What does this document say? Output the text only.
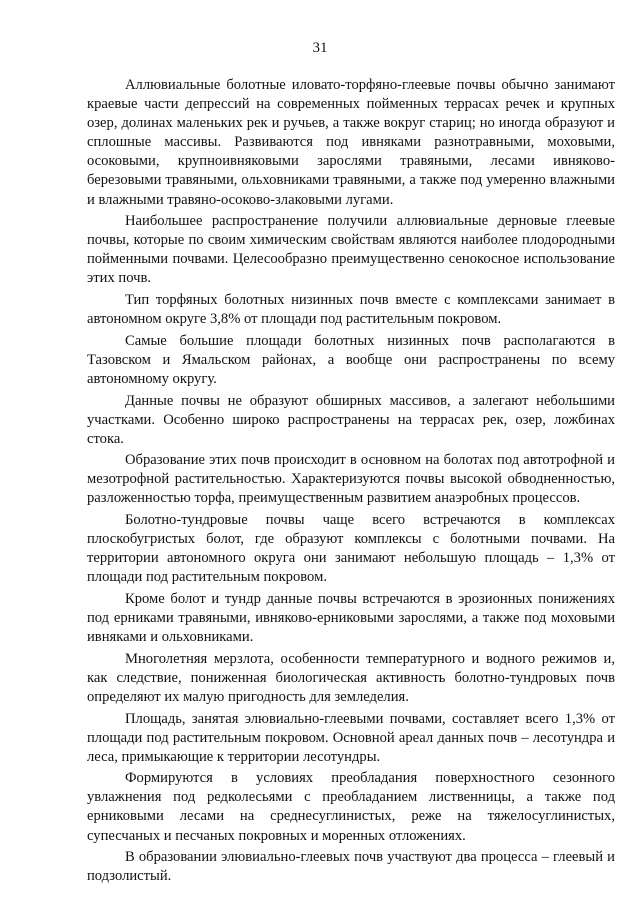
31

Аллювиальные болотные иловато-торфяно-глеевые почвы обычно занимают краевые части депрессий на современных пойменных террасах речек и крупных озер, долинах маленьких рек и ручьев, а также вокруг стариц; но иногда образуют и сплошные массивы. Развиваются под ивняками разнотравными, моховыми, осоковыми, крупноивняковыми зарослями травяными, лесами ивняково-березовыми травяными, ольховниками травяными, а также под умеренно влажными и влажными травяно-осоково-злаковыми лугами.

Наибольшее распространение получили аллювиальные дерновые глеевые почвы, которые по своим химическим свойствам являются наиболее плодородными пойменными почвами. Целесообразно преимущественно сенокосное использование этих почв.

Тип торфяных болотных низинных почв вместе с комплексами занимает в автономном округе 3,8% от площади под растительным покровом.

Самые большие площади болотных низинных почв располагаются в Тазовском и Ямальском районах, а вообще они распространены по всему автономному округу.

Данные почвы не образуют обширных массивов, а залегают небольшими участками. Особенно широко распространены на террасах рек, озер, ложбинах стока.

Образование этих почв происходит в основном на болотах под автотрофной и мезотрофной растительностью. Характеризуются почвы высокой обводненностью, разложенностью торфа, преимущественным развитием анаэробных процессов.

Болотно-тундровые почвы чаще всего встречаются в комплексах плоскобугристых болот, где образуют комплексы с болотными почвами. На территории автономного округа они занимают небольшую площадь – 1,3% от площади под растительным покровом.

Кроме болот и тундр данные почвы встречаются в эрозионных понижениях под ерниками травяными, ивняково-ерниковыми зарослями, а также под моховыми ивняками и ольховниками.

Многолетняя мерзлота, особенности температурного и водного режимов и, как следствие, пониженная биологическая активность болотно-тундровых почв определяют их малую пригодность для земледелия.

Площадь, занятая элювиально-глеевыми почвами, составляет всего 1,3% от площади под растительным покровом. Основной ареал данных почв – лесотундра и леса, примыкающие к территории лесотундры.

Формируются в условиях преобладания поверхностного сезонного увлажнения под редколесьями с преобладанием лиственницы, а также под ерниковыми лесами на среднесуглинистых, реже на тяжелосуглинистых, супесчаных и песчаных покровных и моренных отложениях.

В образовании элювиально-глеевых почв участвуют два процесса – глеевый и подзолистый.
